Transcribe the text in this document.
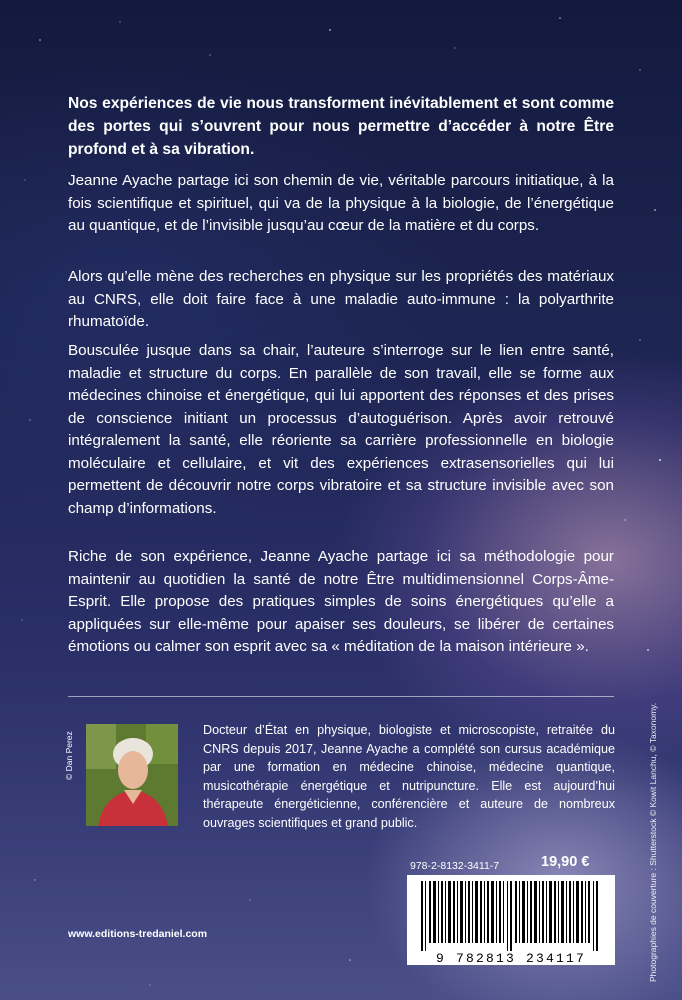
Nos expériences de vie nous transforment inévitablement et sont comme des portes qui s’ouvrent pour nous permettre d’accéder à notre Être profond et à sa vibration.
Jeanne Ayache partage ici son chemin de vie, véritable parcours initiatique, à la fois scientifique et spirituel, qui va de la physique à la biologie, de l’énergétique au quantique, et de l’invisible jusqu’au cœur de la matière et du corps.
Alors qu’elle mène des recherches en physique sur les propriétés des matériaux au CNRS, elle doit faire face à une maladie auto-immune : la polyarthrite rhumatoïde.
Bousculée jusque dans sa chair, l’auteure s’interroge sur le lien entre santé, maladie et structure du corps. En parallèle de son travail, elle se forme aux médecines chinoise et énergétique, qui lui apportent des réponses et des prises de conscience initiant un processus d’autoguérison. Après avoir retrouvé intégralement la santé, elle réoriente sa carrière professionnelle en biologie moléculaire et cellulaire, et vit des expériences extrasensorielles qui lui permettent de découvrir notre corps vibratoire et sa structure invisible avec son champ d’informations.
Riche de son expérience, Jeanne Ayache partage ici sa méthodologie pour maintenir au quotidien la santé de notre Être multidimensionnel Corps-Âme-Esprit. Elle propose des pratiques simples de soins énergétiques qu’elle a appliquées sur elle-même pour apaiser ses douleurs, se libérer de certaines émotions ou calmer son esprit avec sa « méditation de la maison intérieure ».
© Dan Perez
Docteur d’État en physique, biologiste et microscopiste, retraitée du CNRS depuis 2017, Jeanne Ayache a complété son cursus académique par une formation en médecine chinoise, médecine quantique, musicothérapie énergétique et nutripuncture. Elle est aujourd’hui thérapeute énergéticienne, conférencière et auteure de nombreux ouvrages scientifiques et grand public.
978-2-8132-3411-7	19,90 €
9 782813 234117
www.editions-tredaniel.com	Photographies de couverture : Shutterstock © Kowit Lanchu, © Taxonomy.
